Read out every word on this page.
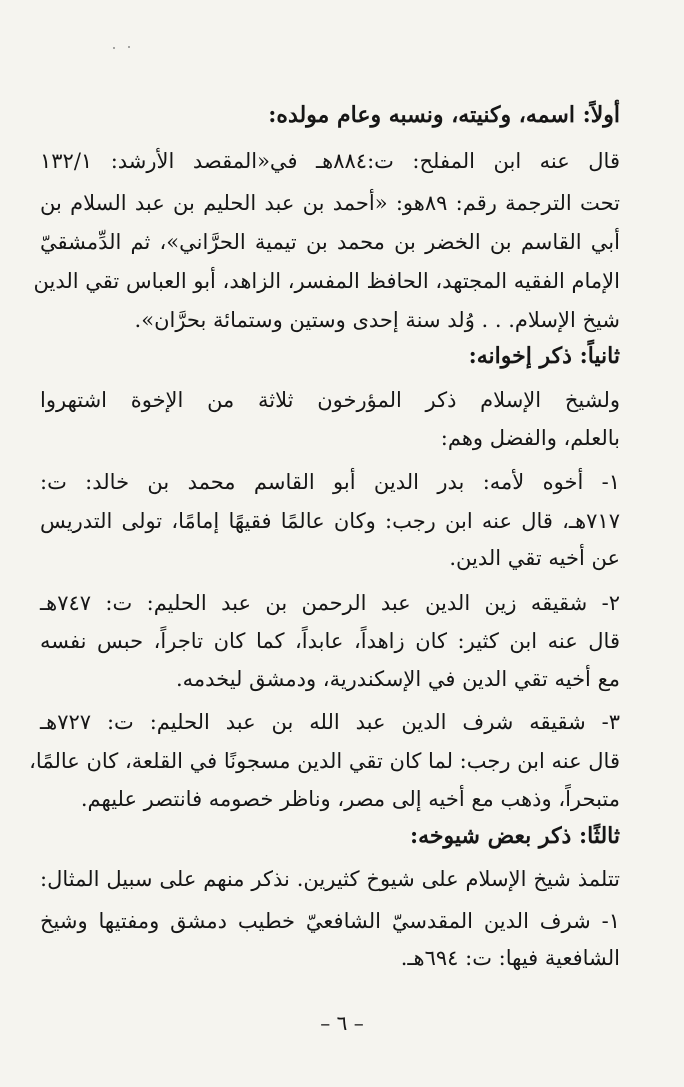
أولاً: اسمه، وكنيته، ونسبه وعام مولده:
قال عنه ابن المفلح: ت:٨٨٤هـ في«المقصد الأرشد: ١٣٢/١
تحت الترجمة رقم: ٨٩هو: «أحمد بن عبد الحليم بن عبد السلام بن
أبي القاسم بن الخضر بن محمد بن تيمية الحرَّاني»، ثم الدِّمشقيّ
الإمام الفقيه المجتهد، الحافظ المفسر، الزاهد، أبو العباس تقي الدين
شيخ الإسلام. . . وُلد سنة إحدى وستين وستمائة بحرَّان».
ثانياً: ذكر إخوانه:
ولشيخ الإسلام ذكر المؤرخون ثلاثة من الإخوة اشتهروا
بالعلم، والفضل وهم:
١- أخوه لأمه: بدر الدين أبو القاسم محمد بن خالد: ت:
٧١٧هـ، قال عنه ابن رجب: وكان عالمًا فقيهًا إمامًا، تولى التدريس
عن أخيه تقي الدين.
٢- شقيقه زين الدين عبد الرحمن بن عبد الحليم: ت: ٧٤٧هـ
قال عنه ابن كثير: كان زاهداً، عابداً، كما كان تاجراً، حبس نفسه
مع أخيه تقي الدين في الإسكندرية، ودمشق ليخدمه.
٣- شقيقه شرف الدين عبد الله بن عبد الحليم: ت: ٧٢٧هـ
قال عنه ابن رجب: لما كان تقي الدين مسجونًا في القلعة، كان عالمًا،
متبحراً، وذهب مع أخيه إلى مصر، وناظر خصومه فانتصر عليهم.
ثالثًا: ذكر بعض شيوخه:
تتلمذ شيخ الإسلام على شيوخ كثيرين. نذكر منهم على سبيل المثال:
١- شرف الدين المقدسيّ الشافعيّ خطيب دمشق ومفتيها وشيخ
الشافعية فيها: ت: ٦٩٤هـ.
– ٦ –
